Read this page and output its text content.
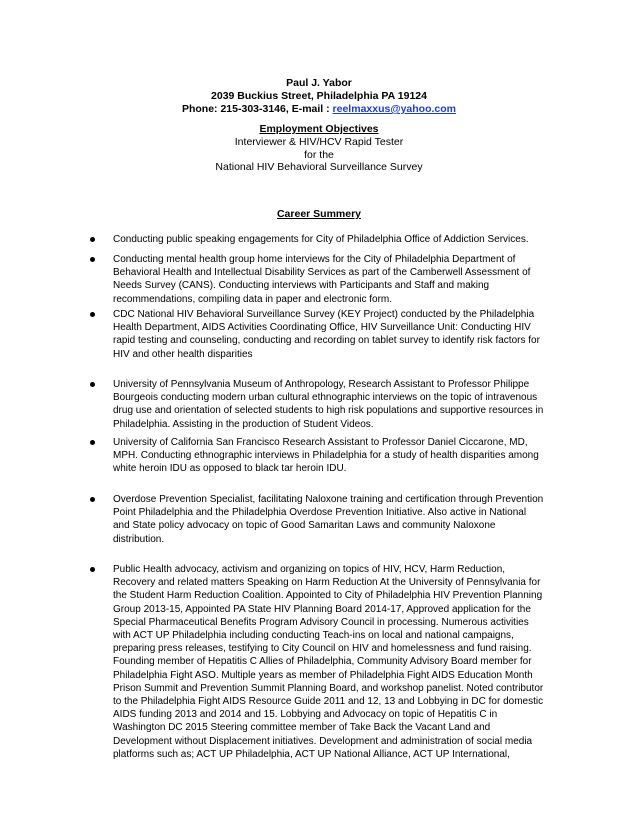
Paul J. Yabor
2039 Buckius Street, Philadelphia PA 19124
Phone: 215-303-3146, E-mail : reelmaxxus@yahoo.com
Employment Objectives
Interviewer & HIV/HCV Rapid Tester
for the
National HIV Behavioral Surveillance Survey
Career Summery

Conducting public speaking engagements for City of Philadelphia Office of Addiction Services.

Conducting mental health group home interviews for the City of Philadelphia Department of

Behavioral Health and Intellectual Disability Services as part of the Camberwell Assessment of

Needs Survey (CANS). Conducting interviews with Participants and Staff and making

recommendations, compiling data in paper and electronic form.

CDC National HIV Behavioral Surveillance Survey (KEY Project) conducted by the Philadelphia

Health Department, AIDS Activities Coordinating Office, HIV Surveillance Unit: Conducting HIV

rapid testing and counseling, conducting and recording on tablet survey to identify risk factors for

HIV and other health disparities

University of Pennsylvania Museum of Anthropology, Research Assistant to Professor Philippe

Bourgeois conducting modern urban cultural ethnographic interviews on the topic of intravenous

drug use and orientation of selected students to high risk populations and supportive resources in

Philadelphia. Assisting in the production of Student Videos.

University of California San Francisco Research Assistant to Professor Daniel Ciccarone, MD,

MPH. Conducting ethnographic interviews in Philadelphia for a study of health disparities among

white heroin IDU as opposed to black tar heroin IDU.

Overdose Prevention Specialist, facilitating Naloxone training and certification through Prevention

Point Philadelphia and the Philadelphia Overdose Prevention Initiative. Also active in National

and State policy advocacy on topic of Good Samaritan Laws and community Naloxone

distribution.

Public Health advocacy, activism and organizing on topics of HIV, HCV, Harm Reduction,

Recovery and related matters Speaking on Harm Reduction At the University of Pennsylvania for

the Student Harm Reduction Coalition. Appointed to City of Philadelphia HIV Prevention Planning

Group 2013-15, Appointed PA State HIV Planning Board 2014-17, Approved application for the

Special Pharmaceutical Benefits Program Advisory Council in processing. Numerous activities

with ACT UP Philadelphia including conducting Teach-ins on local and national campaigns,

preparing press releases, testifying to City Council on HIV and homelessness and fund raising.

Founding member of Hepatitis C Allies of Philadelphia, Community Advisory Board member for

Philadelphia Fight ASO. Multiple years as member of Philadelphia Fight AIDS Education Month

Prison Summit and Prevention Summit Planning Board, and workshop panelist. Noted contributor

to the Philadelphia Fight AIDS Resource Guide 2011 and 12, 13 and Lobbying in DC for domestic

AIDS funding 2013 and 2014 and 15. Lobbying and Advocacy on topic of Hepatitis C in

Washington DC 2015 Steering committee member of Take Back the Vacant Land and

Development without Displacement initiatives. Development and administration of social media

platforms such as; ACT UP Philadelphia, ACT UP National Alliance, ACT UP International,
